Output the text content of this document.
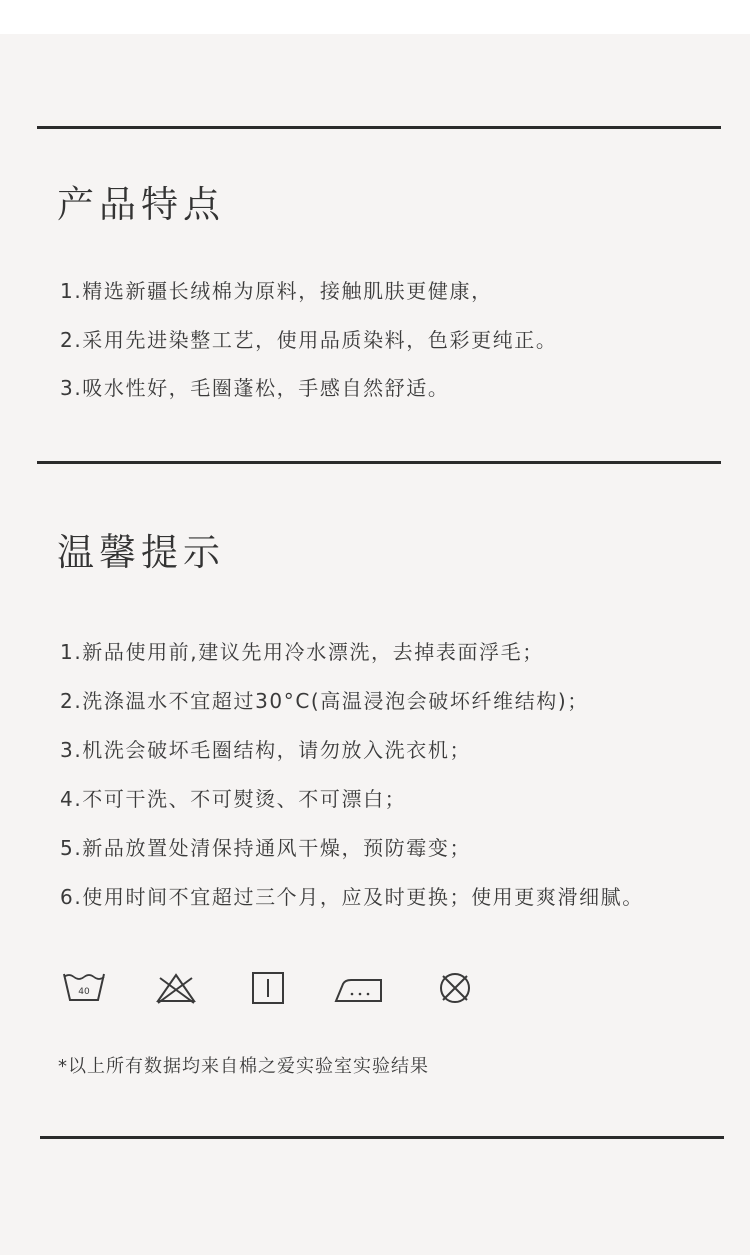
产品特点
1.精选新疆长绒棉为原料，接触肌肤更健康，
2.采用先进染整工艺，使用品质染料，色彩更纯正。
3.吸水性好，毛圈蓬松，手感自然舒适。
温馨提示
1.新品使用前,建议先用冷水漂洗，去掉表面浮毛；
2.洗涤温水不宜超过30°C(高温浸泡会破坏纤维结构)；
3.机洗会破坏毛圈结构，请勿放入洗衣机；
4.不可干洗、不可熨烫、不可漂白；
5.新品放置处清保持通风干燥，预防霉变；
6.使用时间不宜超过三个月，应及时更换；使用更爽滑细腻。
40
*以上所有数据均来自棉之爱实验室实验结果
